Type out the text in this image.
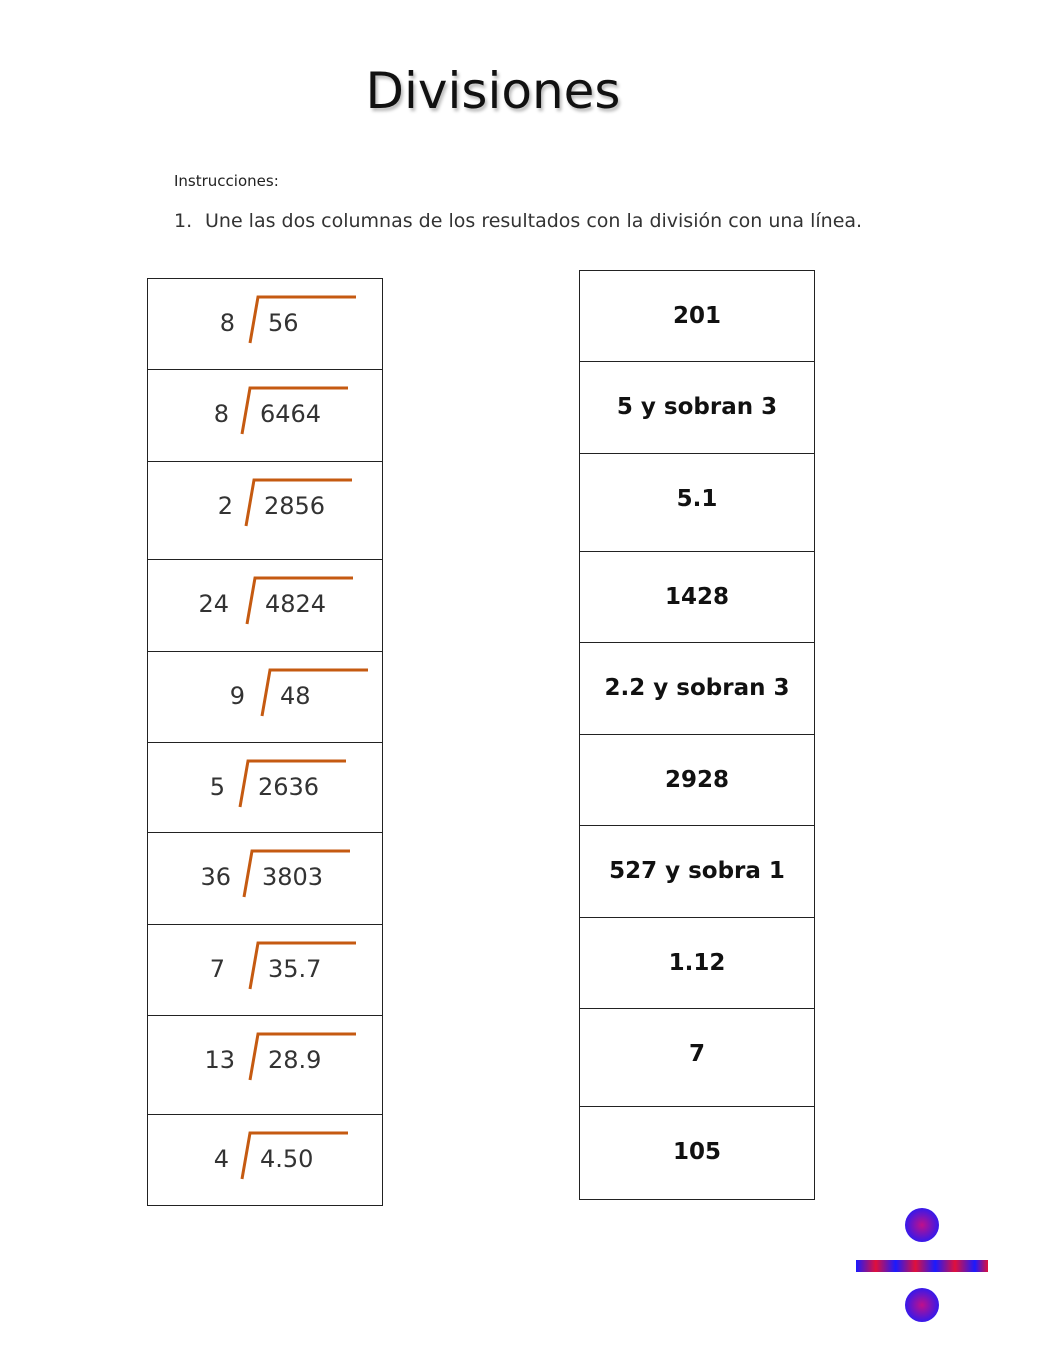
Divisiones
Instrucciones:
1. Une las dos columnas de los resultados con la división con una línea.
8 56
8 6464
2 2856
24 4824
9 48
5 2636
36 3803
7 35.7
13 28.9
4 4.50
201
5 y sobran 3
5.1
1428
2.2 y sobran 3
2928
527 y sobra 1
1.12
7
105
